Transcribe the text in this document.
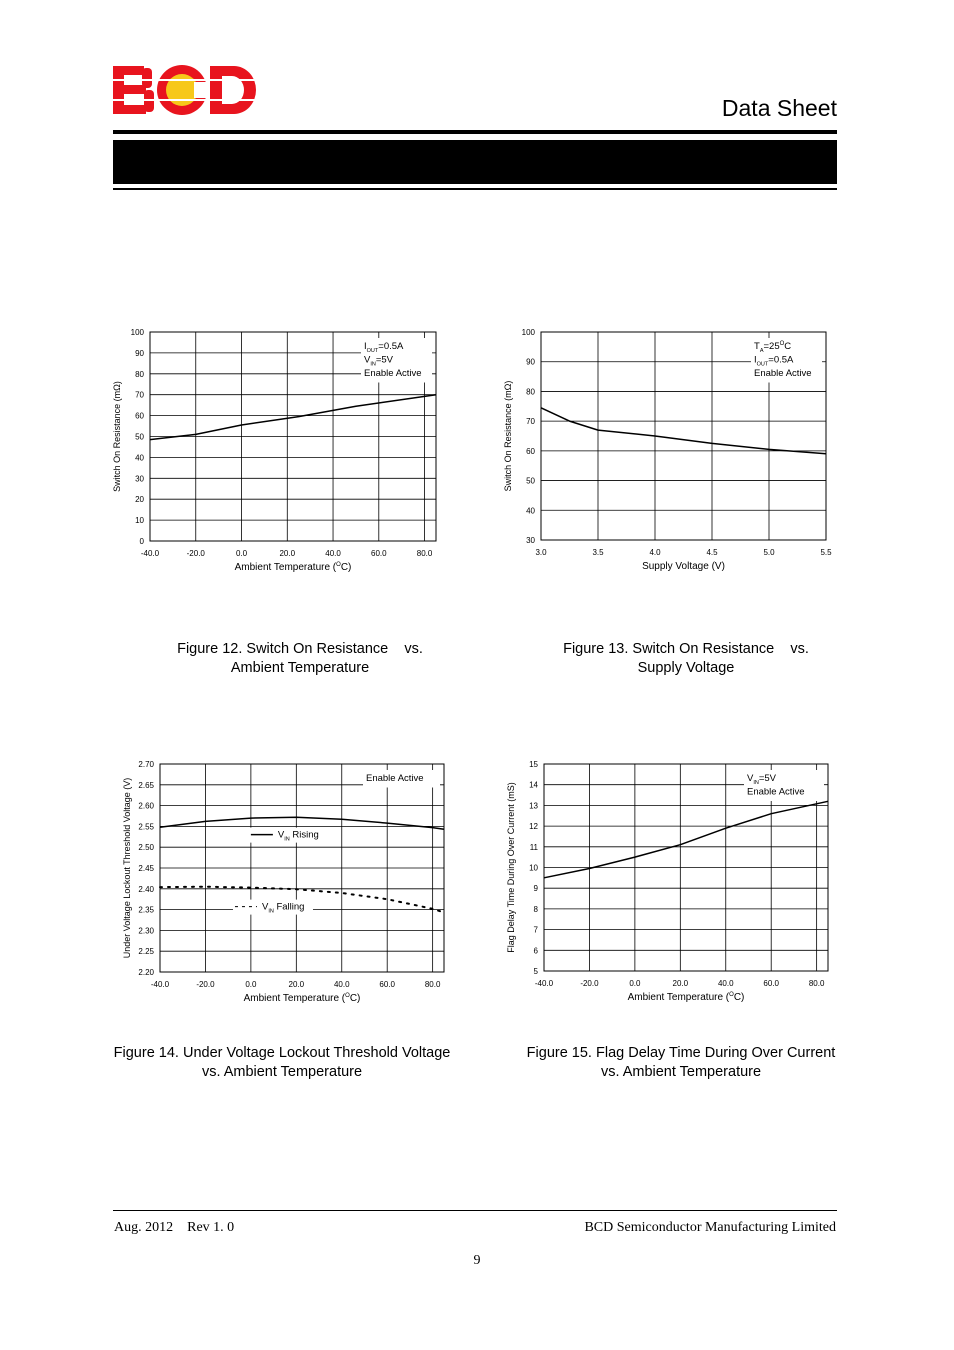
Data Sheet
0
10
20
30
40
50
60
70
80
90
100
-40.0	-20.0	0.0	20.0	40.0	60.0	80.0
Ambient Temperature ($^O$C)
Switch On Resistance (mΩ)
$I_{OUT}=0.5A$
$V_{IN}=5V$
Enable Active
30
40
50
60
70
80
90
100
3.0	3.5	4.0	4.5	5.0	5.5
Supply Voltage (V)
Switch On Resistance (mΩ)
$T_A=25^OC$
$I_{OUT}=0.5A$
Enable Active
2.20
2.25
2.30
2.35
2.40
2.45
2.50
2.55
2.60
2.65
2.70
-40.0	-20.0	0.0	20.0	40.0	60.0	80.0
Ambient Temperature ($^O$C)
Under Voltage Lockout Threshold Voltage (V)	Enable Active
$V_{IN}$ Rising
$V_{IN}$ Falling
5
6
7
8
9
10
11
12
13
14
15
-40.0	-20.0	0.0	20.0	40.0	60.0	80.0
Ambient Temperature ($^O$C)
Flag Delay Time During Over Current (mS)
$V_{IN}=5V$
Enable Active
Figure 12. Switch On Resistance    vs.
Ambient Temperature
Figure 13. Switch On Resistance    vs.
Supply Voltage
Figure 14. Under Voltage Lockout Threshold Voltage
vs. Ambient Temperature
Figure 15. Flag Delay Time During Over Current
vs. Ambient Temperature
Aug. 2012    Rev 1. 0	BCD Semiconductor Manufacturing Limited
9
